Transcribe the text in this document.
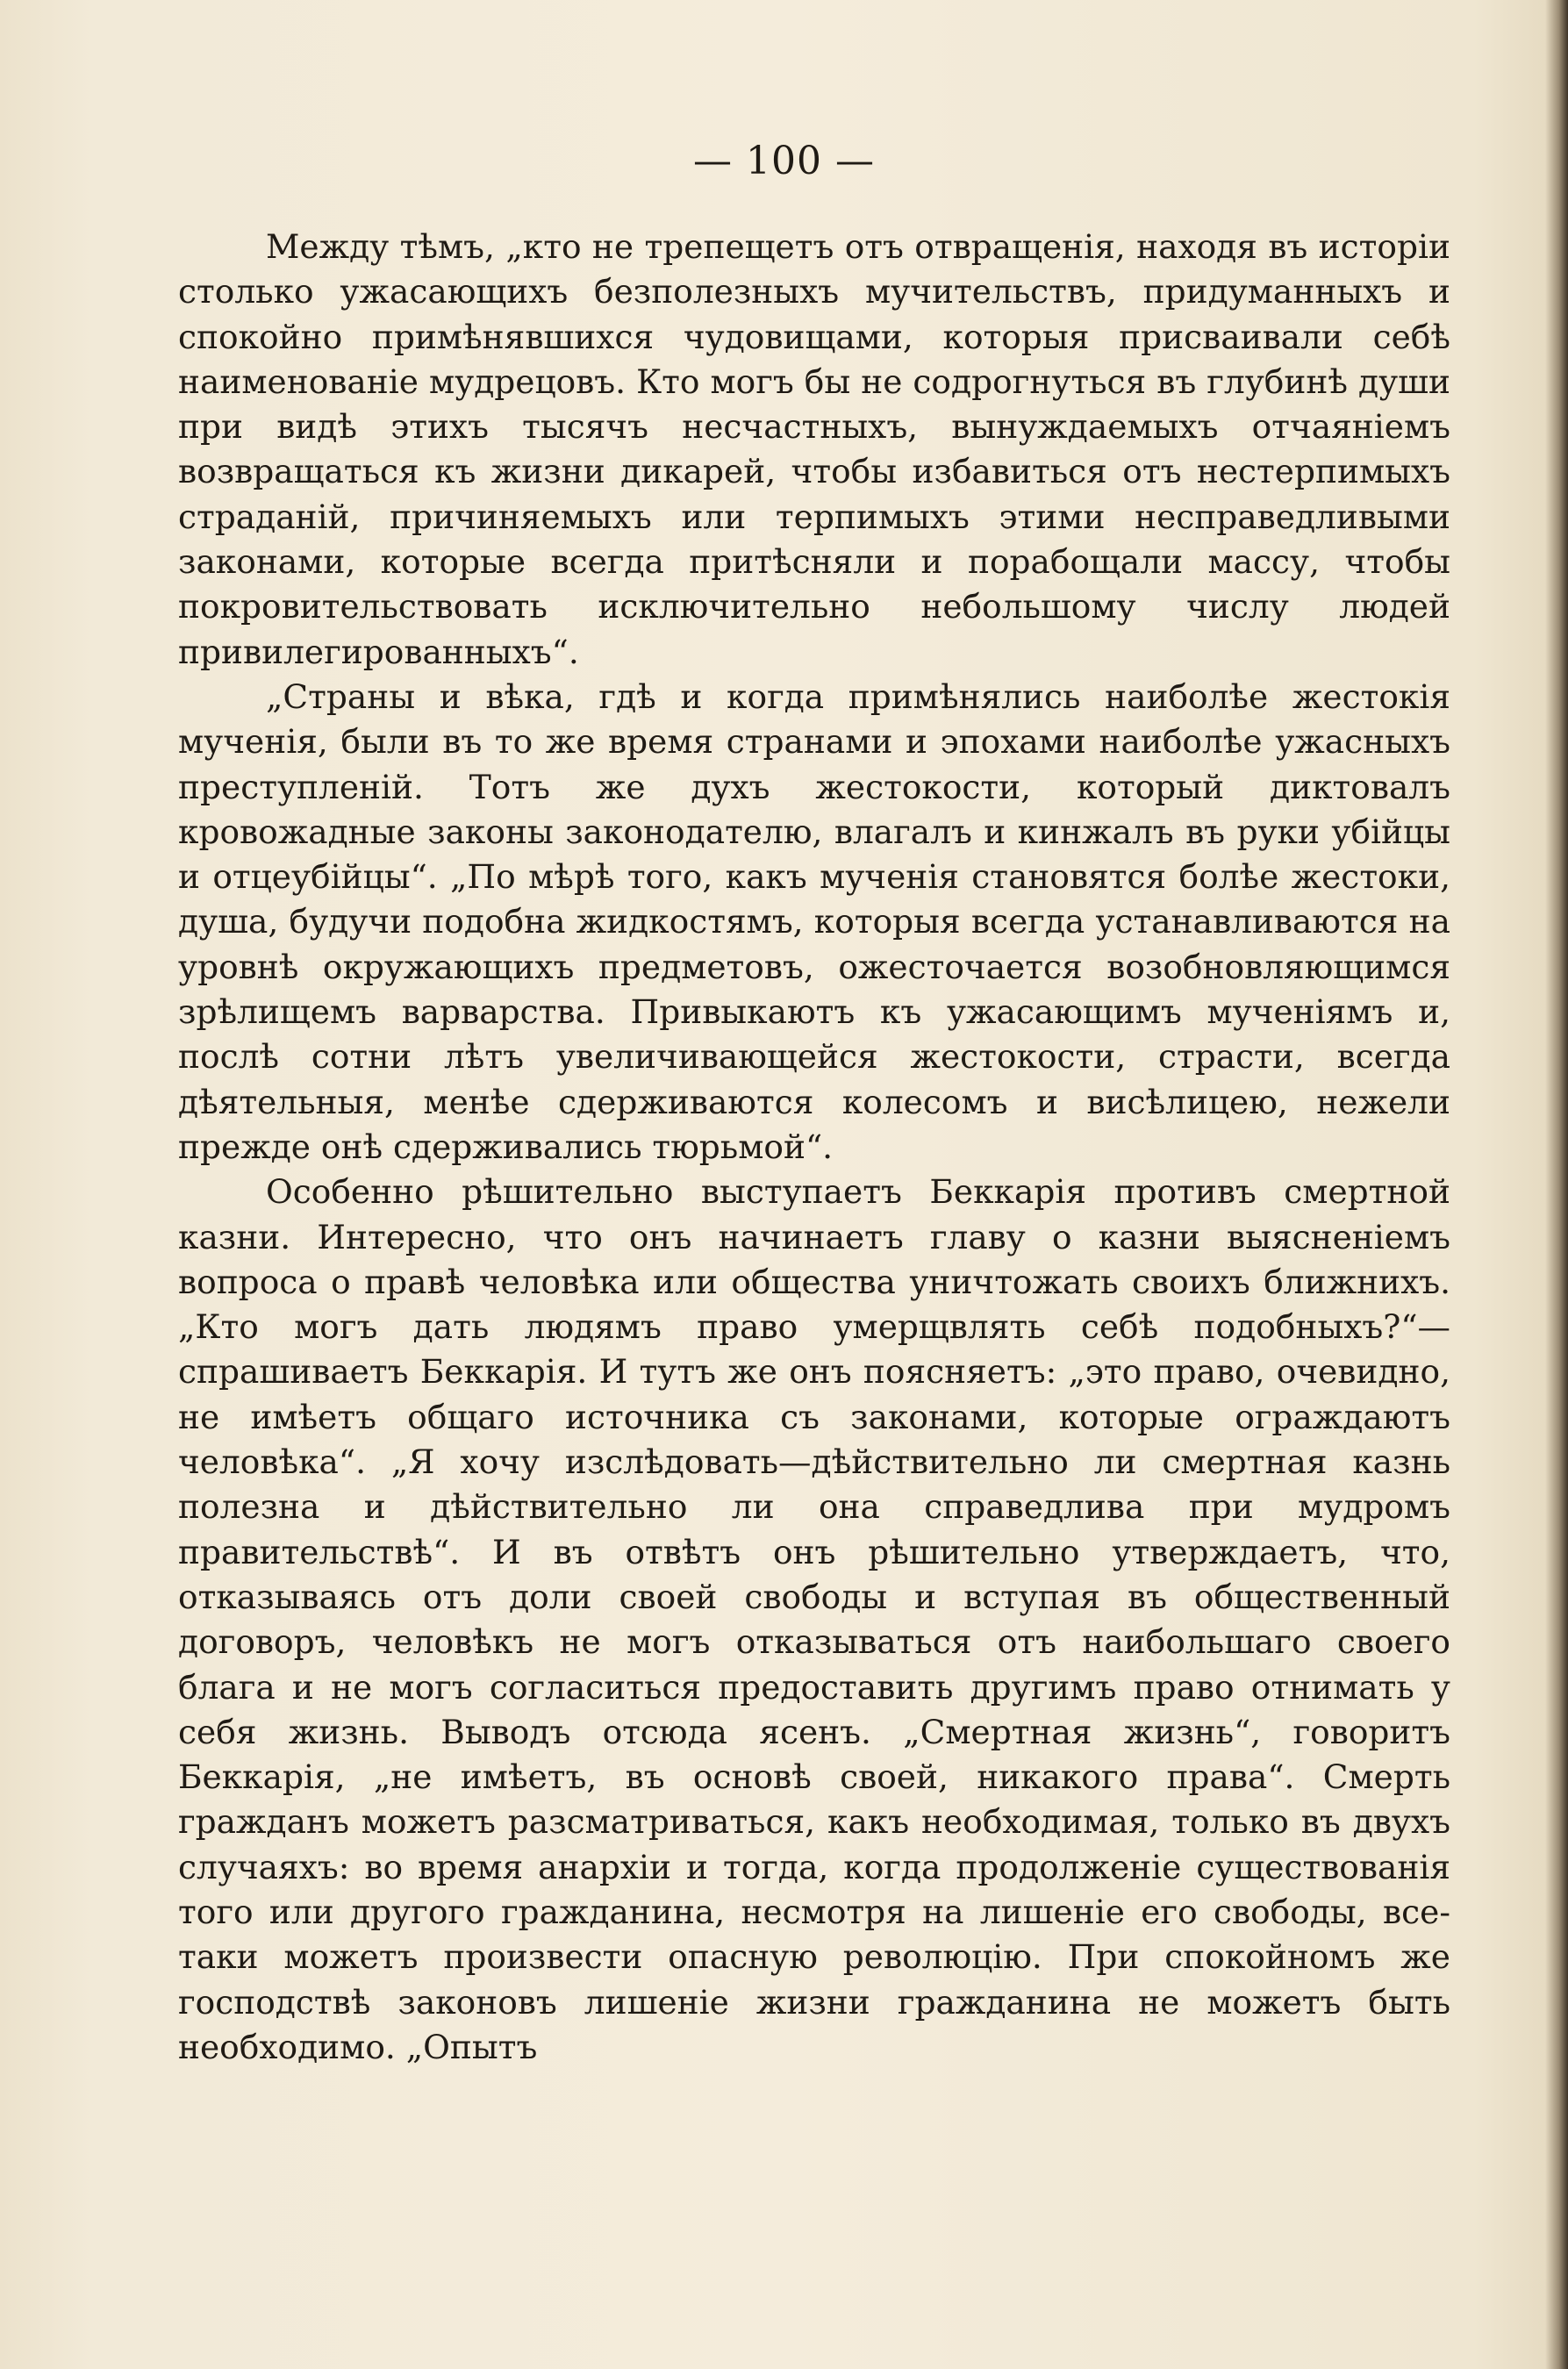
— 100 —

Между тѣмъ, „кто не трепещетъ отъ отвращенія, находя въ исторіи столько ужасающихъ безполезныхъ мучительствъ, придуманныхъ и спокойно примѣнявшихся чудовищами, которыя присваивали себѣ наименованіе мудрецовъ. Кто могъ бы не содрогнуться въ глубинѣ души при видѣ этихъ тысячъ несчастныхъ, вынуждаемыхъ отчаяніемъ возвращаться къ жизни дикарей, чтобы избавиться отъ нестерпимыхъ страданій, причиняемыхъ или терпимыхъ этими несправедливыми законами, которые всегда притѣсняли и порабощали массу, чтобы покровительствовать исключительно небольшому числу людей привилегированныхъ“.

„Страны и вѣка, гдѣ и когда примѣнялись наиболѣе жестокія мученія, были въ то же время странами и эпохами наиболѣе ужасныхъ преступленій. Тотъ же духъ жестокости, который диктовалъ кровожадные законы законодателю, влагалъ и кинжалъ въ руки убійцы и отцеубійцы“. „По мѣрѣ того, какъ мученія становятся болѣе жестоки, душа, будучи подобна жидкостямъ, которыя всегда устанавливаются на уровнѣ окружающихъ предметовъ, ожесточается возобновляющимся зрѣлищемъ варварства. Привыкаютъ къ ужасающимъ мученіямъ и, послѣ сотни лѣтъ увеличивающейся жестокости, страсти, всегда дѣятельныя, менѣе сдерживаются колесомъ и висѣлицею, нежели прежде онѣ сдерживались тюрьмой“.

Особенно рѣшительно выступаетъ Беккарія противъ смертной казни. Интересно, что онъ начинаетъ главу о казни выясненіемъ вопроса о правѣ человѣка или общества уничтожать своихъ ближнихъ. „Кто могъ дать людямъ право умерщвлять себѣ подобныхъ?“—спрашиваетъ Беккарія. И тутъ же онъ поясняетъ: „это право, очевидно, не имѣетъ общаго источника съ законами, которые ограждаютъ человѣка“. „Я хочу изслѣдовать—дѣйствительно ли смертная казнь полезна и дѣйствительно ли она справедлива при мудромъ правительствѣ“. И въ отвѣтъ онъ рѣшительно утверждаетъ, что, отказываясь отъ доли своей свободы и вступая въ общественный договоръ, человѣкъ не могъ отказываться отъ наибольшаго своего блага и не могъ согласиться предоставить другимъ право отнимать у себя жизнь. Выводъ отсюда ясенъ. „Смертная жизнь“, говоритъ Беккарія, „не имѣетъ, въ основѣ своей, никакого права“. Смерть гражданъ можетъ разсматриваться, какъ необходимая, только въ двухъ случаяхъ: во время анархіи и тогда, когда продолженіе существованія того или другого гражданина, несмотря на лишеніе его свободы, все-таки можетъ произвести опасную революцію. При спокойномъ же господствѣ законовъ лишеніе жизни гражданина не можетъ быть необходимо. „Опытъ
